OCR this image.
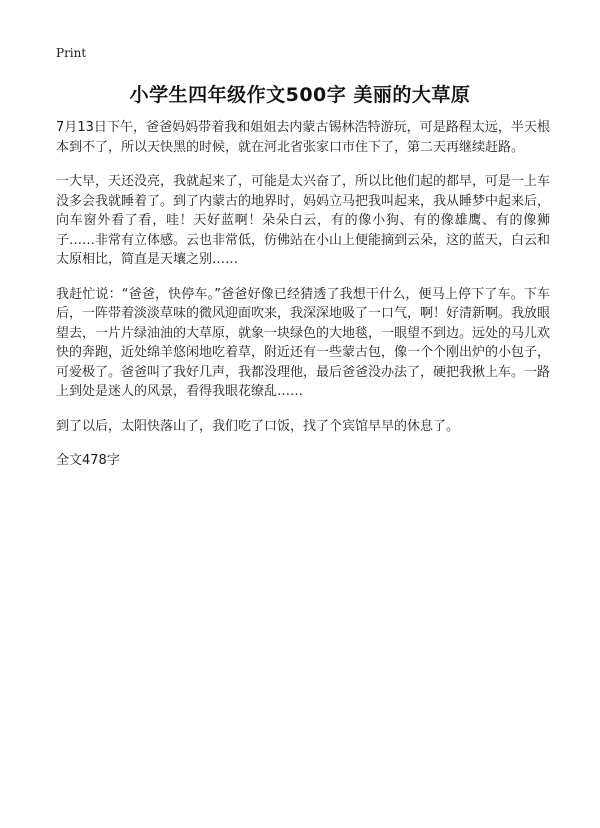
Print
小学生四年级作文500字 美丽的大草原

7月13日下午，爸爸妈妈带着我和姐姐去内蒙古锡林浩特游玩，可是路程太远，半天根本到不了，所以天快黑的时候，就在河北省张家口市住下了，第二天再继续赶路。

一大早，天还没亮，我就起来了，可能是太兴奋了，所以比他们起的都早，可是一上车没多会我就睡着了。到了内蒙古的地界时，妈妈立马把我叫起来，我从睡梦中起来后，向车窗外看了看，哇！天好蓝啊！朵朵白云，有的像小狗、有的像雄鹰、有的像狮子……非常有立体感。云也非常低，仿佛站在小山上便能摘到云朵，这的蓝天，白云和太原相比，简直是天壤之别……

我赶忙说：“爸爸，快停车。”爸爸好像已经猜透了我想干什么，便马上停下了车。下车后，一阵带着淡淡草味的微风迎面吹来，我深深地吸了一口气，啊！好清新啊。我放眼望去，一片片绿油油的大草原，就象一块绿色的大地毯，一眼望不到边。远处的马儿欢快的奔跑，近处绵羊悠闲地吃着草，附近还有一些蒙古包，像一个个刚出炉的小包子，可爱极了。爸爸叫了我好几声，我都没理他，最后爸爸没办法了，硬把我揪上车。一路上到处是迷人的风景，看得我眼花缭乱……

到了以后，太阳快落山了，我们吃了口饭，找了个宾馆早早的休息了。

全文478字
